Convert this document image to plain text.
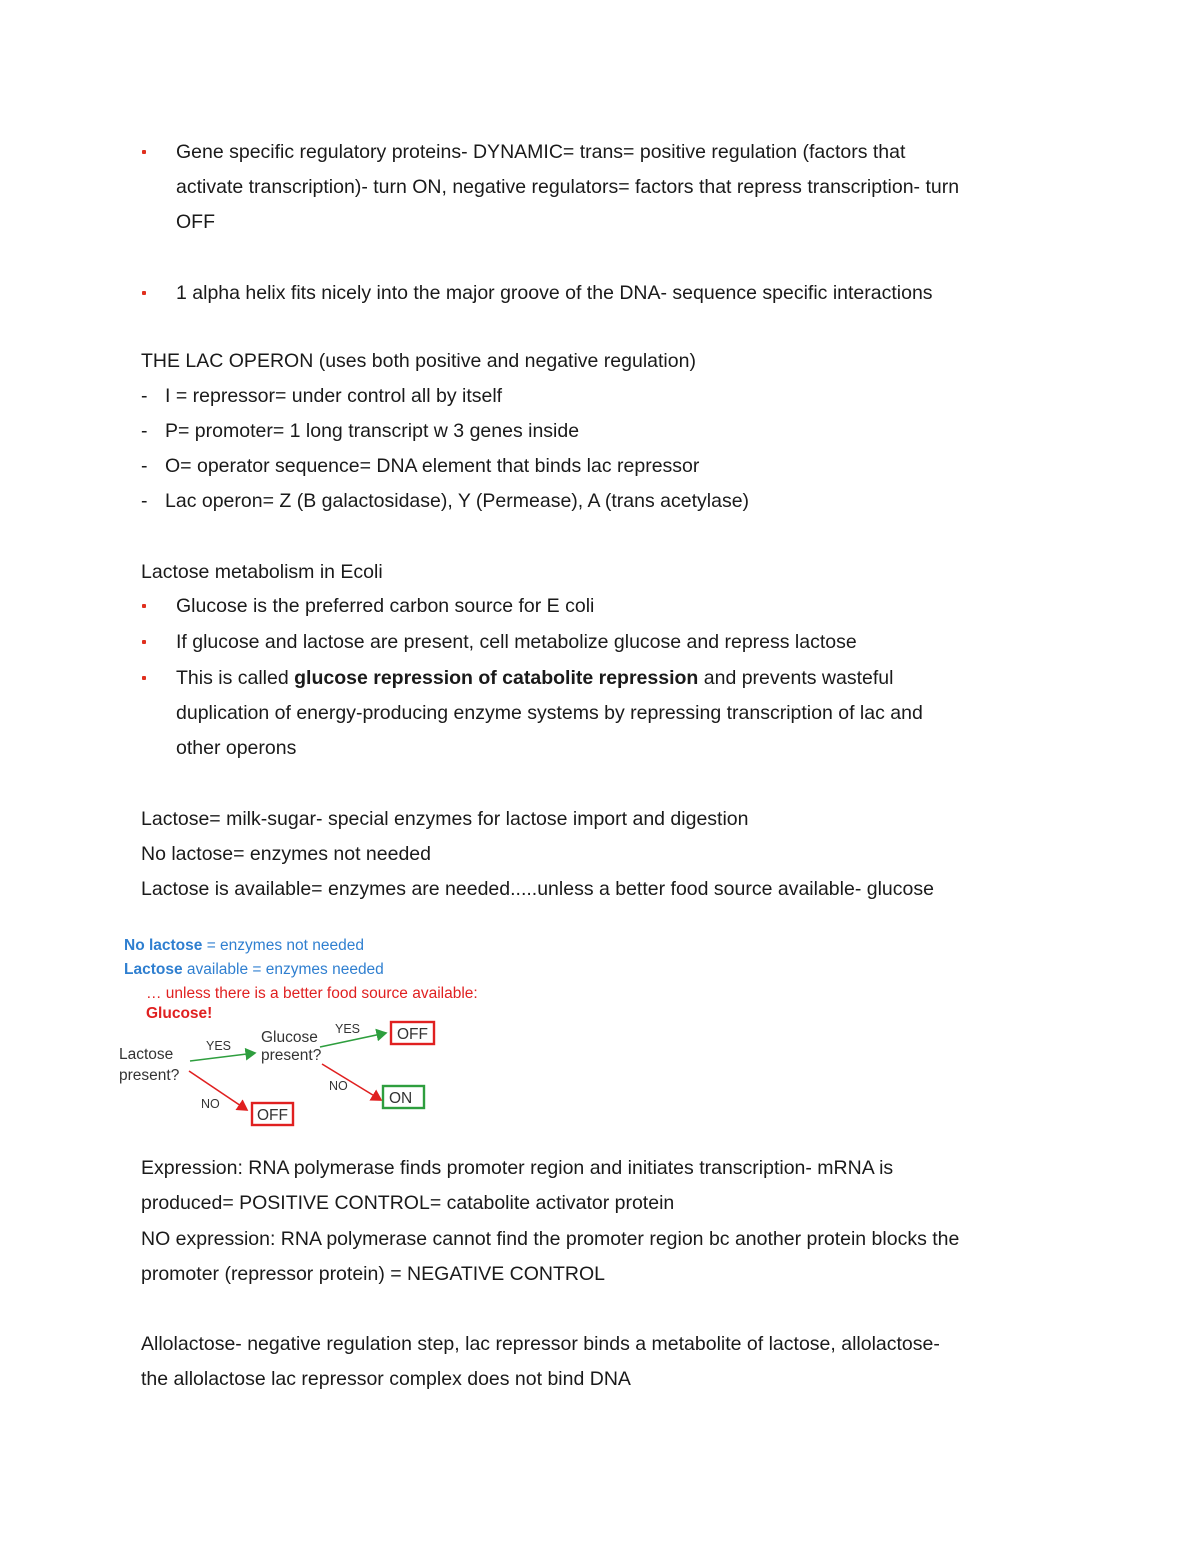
Gene specific regulatory proteins- DYNAMIC= trans= positive regulation (factors that
activate transcription)- turn ON, negative regulators= factors that repress transcription- turn
OFF
1 alpha helix fits nicely into the major groove of the DNA- sequence specific interactions
THE LAC OPERON (uses both positive and negative regulation)
- I = repressor= under control all by itself
- P= promoter= 1 long transcript w 3 genes inside
- O= operator sequence= DNA element that binds lac repressor
- Lac operon= Z (B galactosidase), Y (Permease), A (trans acetylase)
Lactose metabolism in Ecoli
Glucose is the preferred carbon source for E coli
If glucose and lactose are present, cell metabolize glucose and repress lactose
This is called glucose repression of catabolite repression and prevents wasteful
duplication of energy-producing enzyme systems by repressing transcription of lac and
other operons
Lactose= milk-sugar- special enzymes for lactose import and digestion
No lactose= enzymes not needed
Lactose is available= enzymes are needed.....unless a better food source available- glucose
No lactose = enzymes not needed
Lactose available = enzymes needed
… unless there is a better food source available:
Glucose!
Lactose
present?
Glucose
present?
YES
YES
NO
NO
OFF
ON
OFF
Expression: RNA polymerase finds promoter region and initiates transcription- mRNA is
produced= POSITIVE CONTROL= catabolite activator protein
NO expression: RNA polymerase cannot find the promoter region bc another protein blocks the
promoter (repressor protein) = NEGATIVE CONTROL
Allolactose- negative regulation step, lac repressor binds a metabolite of lactose, allolactose-
the allolactose lac repressor complex does not bind DNA
